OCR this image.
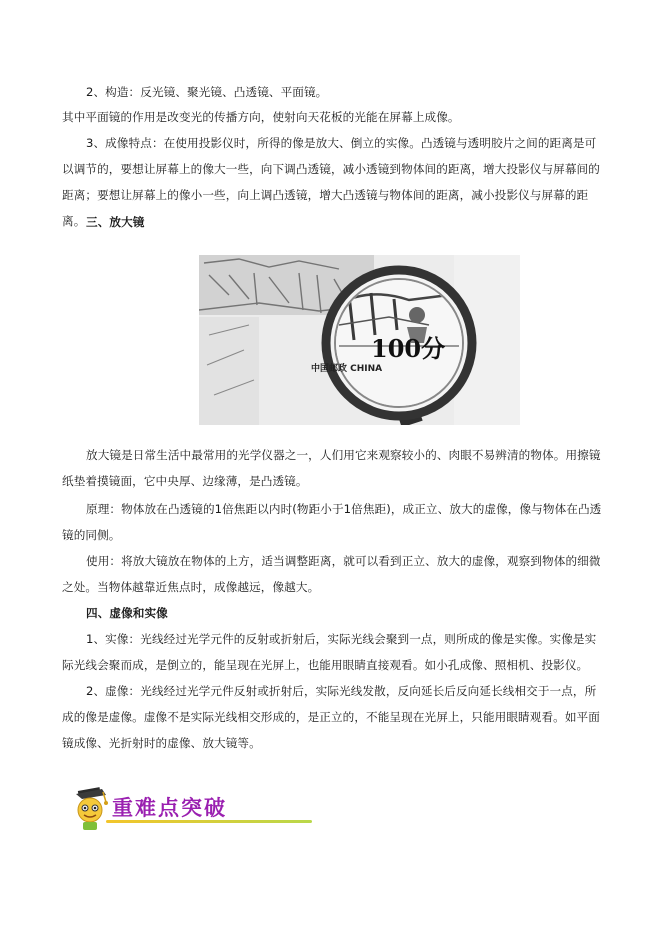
2、构造：反光镜、聚光镜、凸透镜、平面镜。

其中平面镜的作用是改变光的传播方向，使射向天花板的光能在屏幕上成像。

3、成像特点：在使用投影仪时，所得的像是放大、倒立的实像。凸透镜与透明胶片之间的距离是可以调节的，要想让屏幕上的像大一些，向下调凸透镜，减小透镜到物体间的距离，增大投影仪与屏幕间的距离；要想让屏幕上的像小一些，向上调凸透镜，增大凸透镜与物体间的距离，减小投影仪与屏幕的距离。 三、放大镜

100分
中国邮政 CHINA

放大镜是日常生活中最常用的光学仪器之一，人们用它来观察较小的、肉眼不易辨清的物体。用擦镜纸垫着摸镜面，它中央厚、边缘薄，是凸透镜。

原理：物体放在凸透镜的1倍焦距以内时(物距小于1倍焦距)，成正立、放大的虚像，像与物体在凸透镜的同侧。

使用：将放大镜放在物体的上方，适当调整距离，就可以看到正立、放大的虚像，观察到物体的细微之处。当物体越靠近焦点时，成像越远，像越大。

四、虚像和实像

1、实像：光线经过光学元件的反射或折射后，实际光线会聚到一点，则所成的像是实像。实像是实际光线会聚而成，是倒立的，能呈现在光屏上，也能用眼睛直接观看。如小孔成像、照相机、投影仪。

2、虚像：光线经过光学元件反射或折射后，实际光线发散，反向延长后反向延长线相交于一点，所成的像是虚像。虚像不是实际光线相交形成的，是正立的，不能呈现在光屏上，只能用眼睛观看。如平面镜成像、光折射时的虚像、放大镜等。

重难点突破
